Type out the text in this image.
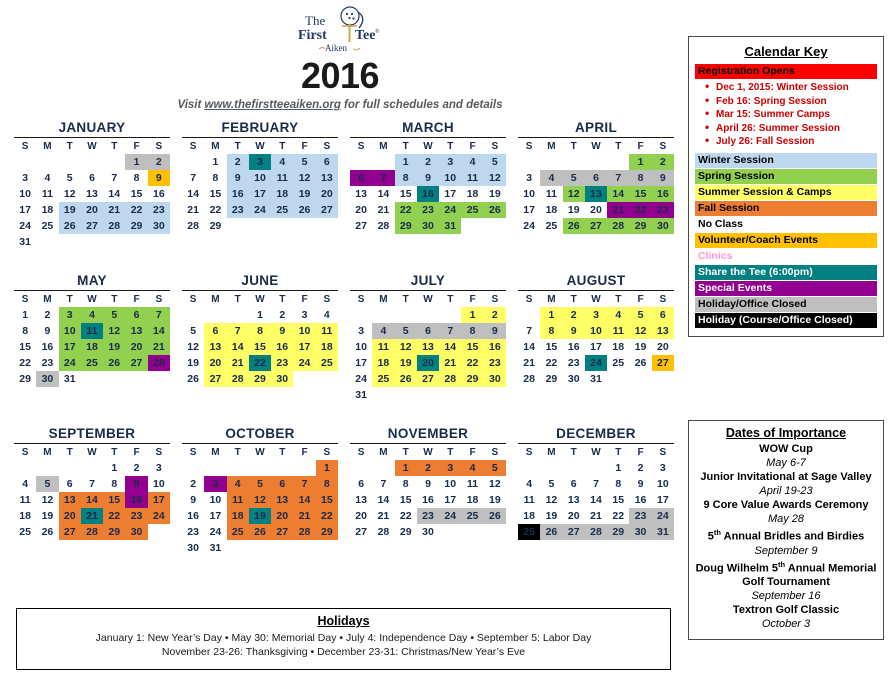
The
First Tee ®
Aiken
2016
Visit www.thefirstteeaiken.org for full schedules and details
JANUARY
S	M	T	W	T	F	S
					1	2
3	4	5	6	7	8	9
10	11	12	13	14	15	16
17	18	19	20	21	22	23
24	25	26	27	28	29	30
31						
FEBRUARY
S	M	T	W	T	F	S
	1	2	3	4	5	6
7	8	9	10	11	12	13
14	15	16	17	18	19	20
21	22	23	24	25	26	27
28	29					
MARCH
S	M	T	W	T	F	S
		1	2	3	4	5
6	7	8	9	10	11	12
13	14	15	16	17	18	19
20	21	22	23	24	25	26
27	28	29	30	31		
APRIL
S	M	T	W	T	F	S
					1	2
3	4	5	6	7	8	9
10	11	12	13	14	15	16
17	18	19	20	21	22	23
24	25	26	27	28	29	30
MAY
S	M	T	W	T	F	S
1	2	3	4	5	6	7
8	9	10	11	12	13	14
15	16	17	18	19	20	21
22	23	24	25	26	27	28
29	30	31				
JUNE
S	M	T	W	T	F	S
			1	2	3	4
5	6	7	8	9	10	11
12	13	14	15	16	17	18
19	20	21	22	23	24	25
26	27	28	29	30		
JULY
S	M	T	W	T	F	S
					1	2
3	4	5	6	7	8	9
10	11	12	13	14	15	16
17	18	19	20	21	22	23
24	25	26	27	28	29	30
31						
AUGUST
S	M	T	W	T	F	S
	1	2	3	4	5	6
7	8	9	10	11	12	13
14	15	16	17	18	19	20
21	22	23	24	25	26	27
28	29	30	31			
SEPTEMBER
S	M	T	W	T	F	S
				1	2	3
4	5	6	7	8	9	10
11	12	13	14	15	16	17
18	19	20	21	22	23	24
25	26	27	28	29	30	
OCTOBER
S	M	T	W	T	F	S
						1
2	3	4	5	6	7	8
9	10	11	12	13	14	15
16	17	18	19	20	21	22
23	24	25	26	27	28	29
30	31					
NOVEMBER
S	M	T	W	T	F	S
		1	2	3	4	5
6	7	8	9	10	11	12
13	14	15	16	17	18	19
20	21	22	23	24	25	26
27	28	29	30			
DECEMBER
S	M	T	W	T	F	S
				1	2	3
4	5	6	7	8	9	10
11	12	13	14	15	16	17
18	19	20	21	22	23	24
25	26	27	28	29	30	31
Holidays
January 1: New Year’s Day • May 30: Memorial Day • July 4: Independence Day • September 5: Labor Day
November 23-26: Thanksgiving • December 23-31: Christmas/New Year’s Eve
Calendar Key
Registration Opens
• Dec 1, 2015: Winter Session
• Feb 16: Spring Session
• Mar 15: Summer Camps
• April 26: Summer Session
• July 26: Fall Session
Winter Session
Spring Session
Summer Session & Camps
Fall Session
No Class
Volunteer/Coach Events
Clinics
Share the Tee (6:00pm)
Special Events
Holiday/Office Closed
Holiday (Course/Office Closed)
Dates of Importance
WOW Cup
May 6-7
Junior Invitational at Sage Valley
April 19-23
9 Core Value Awards Ceremony
May 28
5th Annual Bridles and Birdies
September 9
Doug Wilhelm 5th Annual Memorial Golf Tournament
September 16
Textron Golf Classic
October 3
